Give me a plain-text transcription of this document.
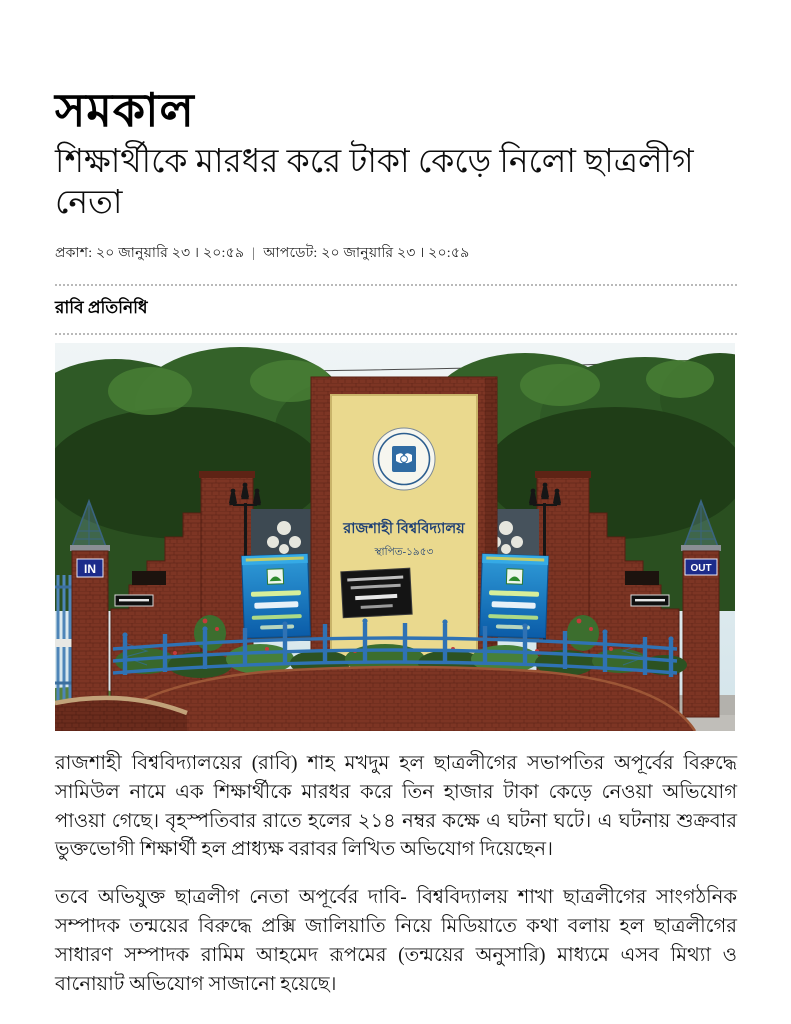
সমকাল
শিক্ষার্থীকে মারধর করে টাকা কেড়ে নিলো ছাত্রলীগ নেতা
প্রকাশ: ২০ জানুয়ারি ২৩ । ২০:৫৯ | আপডেট: ২০ জানুয়ারি ২৩ । ২০:৫৯
রাবি প্রতিনিধি
রাজশাহী বিশ্ববিদ্যালয়
স্থাপিত-১৯৫৩
IN	OUT

রাজশাহী বিশ্ববিদ্যালয়ের (রাবি) শাহ মখদুম হল ছাত্রলীগের সভাপতির অপূর্বের বিরুদ্ধে সামিউল নামে এক শিক্ষার্থীকে মারধর করে তিন হাজার টাকা কেড়ে নেওয়া অভিযোগ পাওয়া গেছে। বৃহস্পতিবার রাতে হলের ২১৪ নম্বর কক্ষে এ ঘটনা ঘটে। এ ঘটনায় শুক্রবার ভুক্তভোগী শিক্ষার্থী হল প্রাধ্যক্ষ বরাবর লিখিত অভিযোগ দিয়েছেন।

তবে অভিযুক্ত ছাত্রলীগ নেতা অপূর্বের দাবি- বিশ্ববিদ্যালয় শাখা ছাত্রলীগের সাংগঠনিক সম্পাদক তন্ময়ের বিরুদ্ধে প্রক্সি জালিয়াতি নিয়ে মিডিয়াতে কথা বলায় হল ছাত্রলীগের সাধারণ সম্পাদক রামিম আহমেদ রূপমের (তন্ময়ের অনুসারি) মাধ্যমে এসব মিথ্যা ও বানোয়াট অভিযোগ সাজানো হয়েছে।
